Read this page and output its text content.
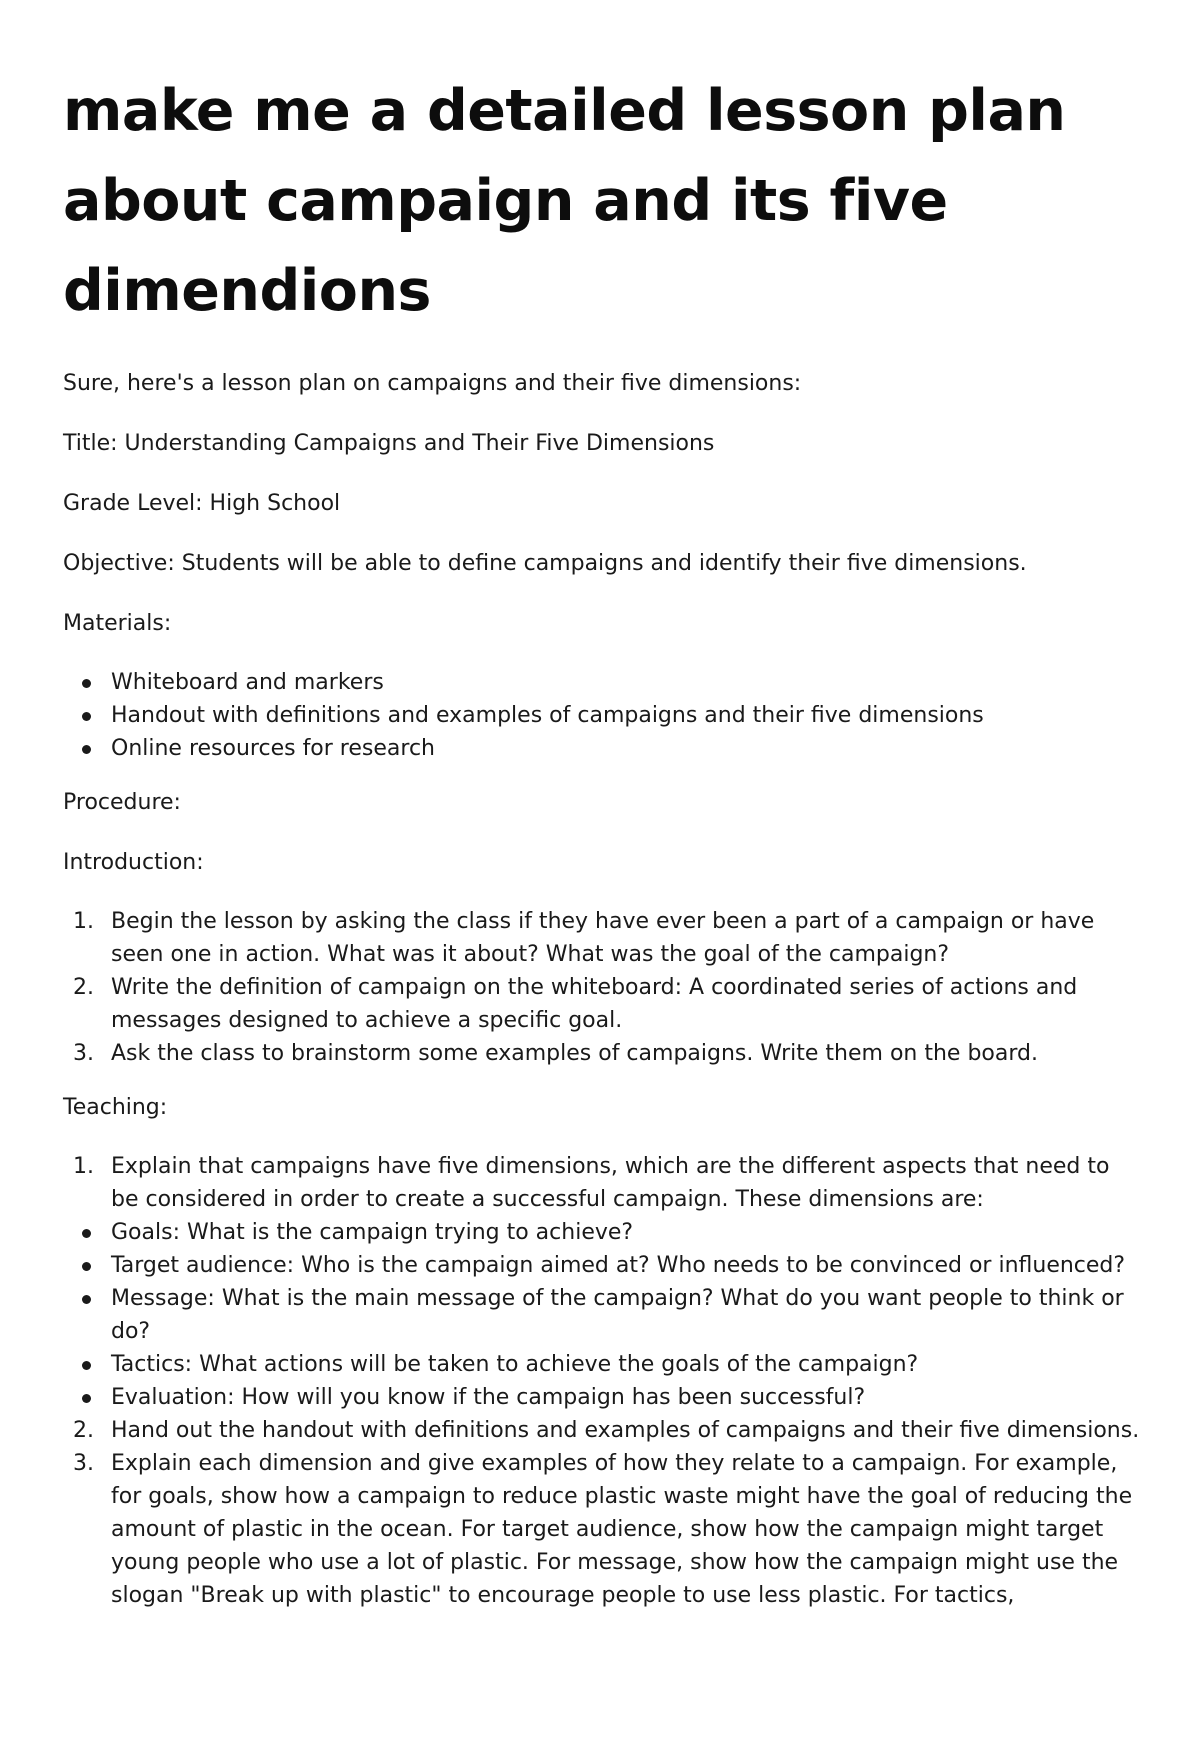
make me a detailed lesson plan about campaign and its five dimendions

Sure, here's a lesson plan on campaigns and their five dimensions:

Title: Understanding Campaigns and Their Five Dimensions

Grade Level: High School

Objective: Students will be able to define campaigns and identify their five dimensions.

Materials:

Whiteboard and markers
Handout with definitions and examples of campaigns and their five dimensions
Online resources for research

Procedure:

Introduction:

1. Begin the lesson by asking the class if they have ever been a part of a campaign or have seen one in action. What was it about? What was the goal of the campaign?
2. Write the definition of campaign on the whiteboard: A coordinated series of actions and messages designed to achieve a specific goal.
3. Ask the class to brainstorm some examples of campaigns. Write them on the board.

Teaching:

1. Explain that campaigns have five dimensions, which are the different aspects that need to be considered in order to create a successful campaign. These dimensions are:
Goals: What is the campaign trying to achieve?
Target audience: Who is the campaign aimed at? Who needs to be convinced or influenced?
Message: What is the main message of the campaign? What do you want people to think or do?
Tactics: What actions will be taken to achieve the goals of the campaign?
Evaluation: How will you know if the campaign has been successful?
2. Hand out the handout with definitions and examples of campaigns and their five dimensions.
3. Explain each dimension and give examples of how they relate to a campaign. For example, for goals, show how a campaign to reduce plastic waste might have the goal of reducing the amount of plastic in the ocean. For target audience, show how the campaign might target young people who use a lot of plastic. For message, show how the campaign might use the slogan "Break up with plastic" to encourage people to use less plastic. For tactics,
